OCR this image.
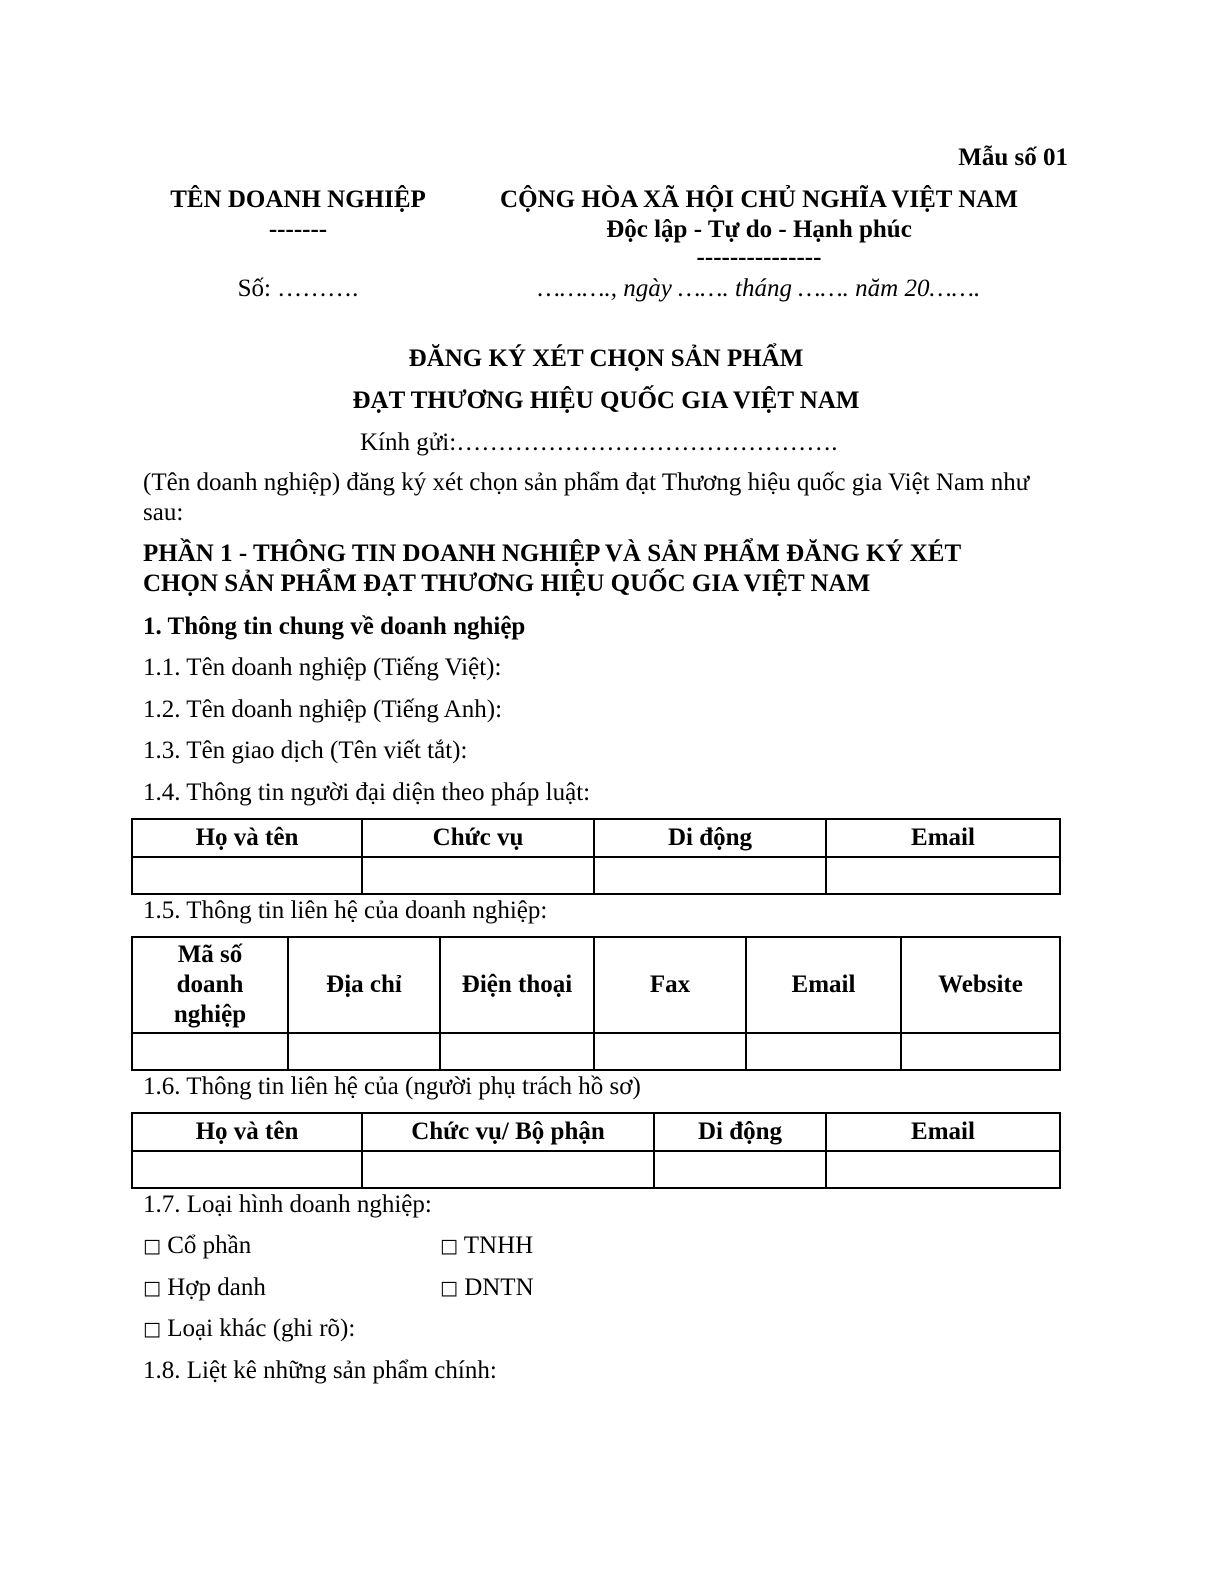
Mẫu số 01
TÊN DOANH NGHIỆP
-------
CỘNG HÒA XÃ HỘI CHỦ NGHĨA VIỆT NAM
Độc lập - Tự do - Hạnh phúc
---------------
Số: ……….	………., ngày ……. tháng ……. năm 20…….
ĐĂNG KÝ XÉT CHỌN SẢN PHẨM
ĐẠT THƯƠNG HIỆU QUỐC GIA VIỆT NAM
Kính gửi:……………………………………….
(Tên doanh nghiệp) đăng ký xét chọn sản phẩm đạt Thương hiệu quốc gia Việt Nam như sau:
PHẦN 1 - THÔNG TIN DOANH NGHIỆP VÀ SẢN PHẨM ĐĂNG KÝ XÉT
CHỌN SẢN PHẨM ĐẠT THƯƠNG HIỆU QUỐC GIA VIỆT NAM
1. Thông tin chung về doanh nghiệp
1.1. Tên doanh nghiệp (Tiếng Việt):
1.2. Tên doanh nghiệp (Tiếng Anh):
1.3. Tên giao dịch (Tên viết tắt):
1.4. Thông tin người đại diện theo pháp luật:
Họ và tên	Chức vụ	Di động	Email

1.5. Thông tin liên hệ của doanh nghiệp:
Mã số
doanh
nghiệp	Địa chỉ	Điện thoại	Fax	Email	Website

1.6. Thông tin liên hệ của (người phụ trách hồ sơ)
Họ và tên	Chức vụ/ Bộ phận	Di động	Email

1.7. Loại hình doanh nghiệp:
□ Cổ phần	□ TNHH
□ Hợp danh	□ DNTN
□ Loại khác (ghi rõ):
1.8. Liệt kê những sản phẩm chính:
